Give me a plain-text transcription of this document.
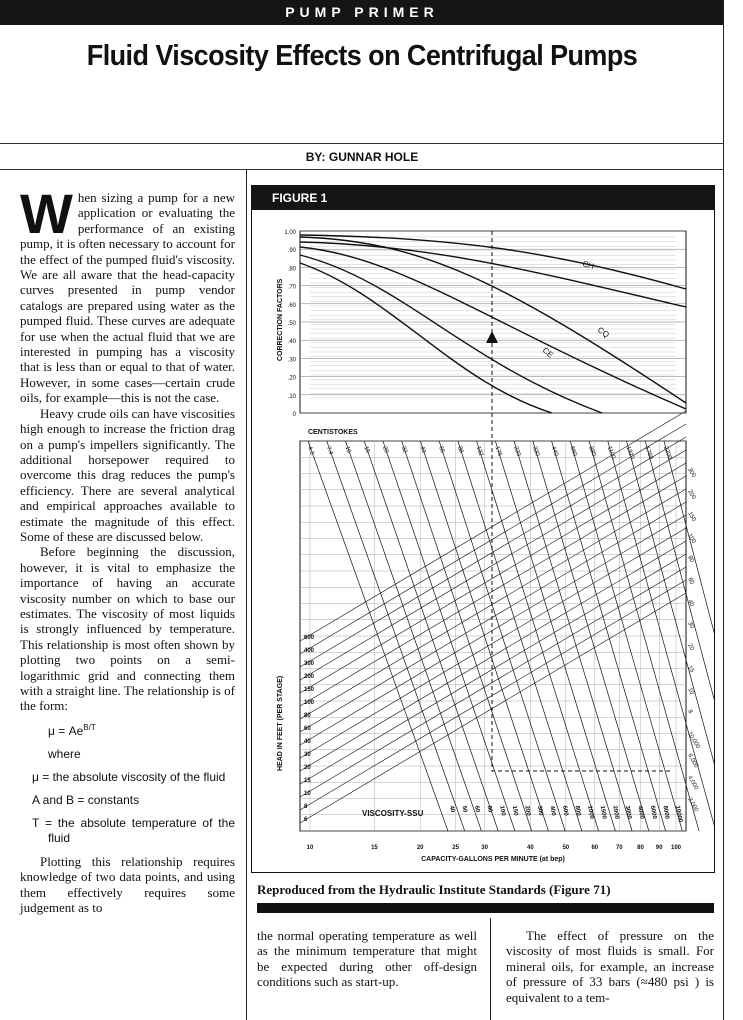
PUMP PRIMER
Fluid Viscosity Effects on Centrifugal Pumps
BY: GUNNAR HOLE

When sizing a pump for a new application or evaluating the performance of an existing pump, it is often necessary to account for the effect of the pumped fluid's viscosity. We are all aware that the head-capacity curves presented in pump vendor catalogs are prepared using water as the pumped fluid. These curves are adequate for use when the actual fluid that we are interested in pumping has a viscosity that is less than or equal to that of water. However, in some cases—certain crude oils, for example—this is not the case.

Heavy crude oils can have viscosities high enough to increase the friction drag on a pump's impellers significantly. The additional horsepower required to overcome this drag reduces the pump's efficiency. There are several analytical and empirical approaches available to estimate the magnitude of this effect. Some of these are discussed below.

Before beginning the discussion, however, it is vital to emphasize the importance of having an accurate viscosity number on which to base our estimates. The viscosity of most liquids is strongly influenced by temperature. This relationship is most often shown by plotting two points on a semi-logarithmic grid and connecting them with a straight line. The relationship is of the form:

$\mu = Ae^{B/T}$
where
μ = the absolute viscosity of the fluid
A and B = constants
T = the absolute temperature of the fluid

Plotting this relationship requires knowledge of two data points, and using them effectively requires some judgement as to

FIGURE 1
1.00
.90
.80
.70
.60
.50
.40
.30
.20
.10
0
CH
CQ
CE
CORRECTION FACTORS
CENTISTOKES
10	15	20	25	30	40	50	60	70 80 90 100
CAPACITY-GALLONS PER MINUTE (at bep)
HEAD IN FEET (PER STAGE)
4.3 7.4 10 15 20 32 43 65 88 132 176 220 330 440 660 880 1100 1320 1760 2200
600
400
300
200
150
100
80
60
40
30
20
15
10
8
6
300
200
150
100
80
60
40
30
20
15
10
8
10,000
6,000
4,000
2,000
VISCOSITY-SSU	40 50 60 80 100 150 200 300 400 600 800 1000 1500 2000 3000 4000 6000 8000 10000
Reproduced from the Hydraulic Institute Standards (Figure 71)

the normal operating temperature as well as the minimum temperature that might be expected during other off-design conditions such as start-up.

The effect of pressure on the viscosity of most fluids is small. For mineral oils, for example, an increase of pressure of 33 bars (≈480 psi ) is equivalent to a tem-
